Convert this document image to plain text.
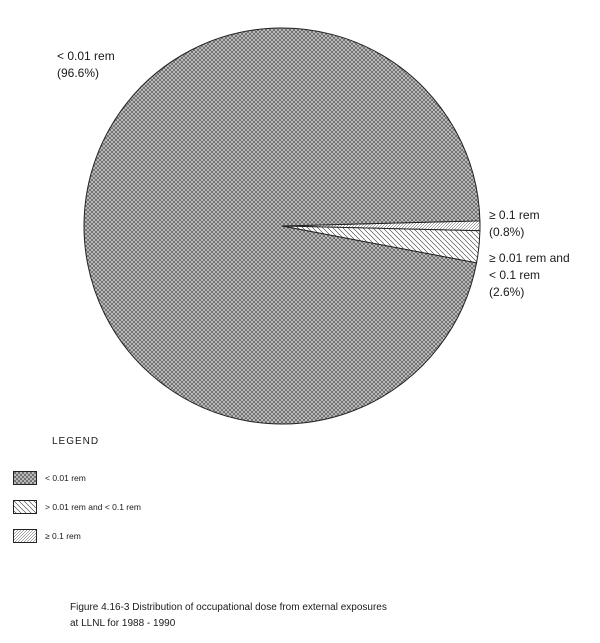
< 0.01 rem
(96.6%)
≥ 0.1 rem
(0.8%)
≥ 0.01 rem and
< 0.1 rem
(2.6%)
LEGEND
< 0.01 rem
> 0.01 rem and < 0.1 rem
≥ 0.1 rem
Figure 4.16-3 Distribution of occupational dose from external exposures
at LLNL for 1988 - 1990
